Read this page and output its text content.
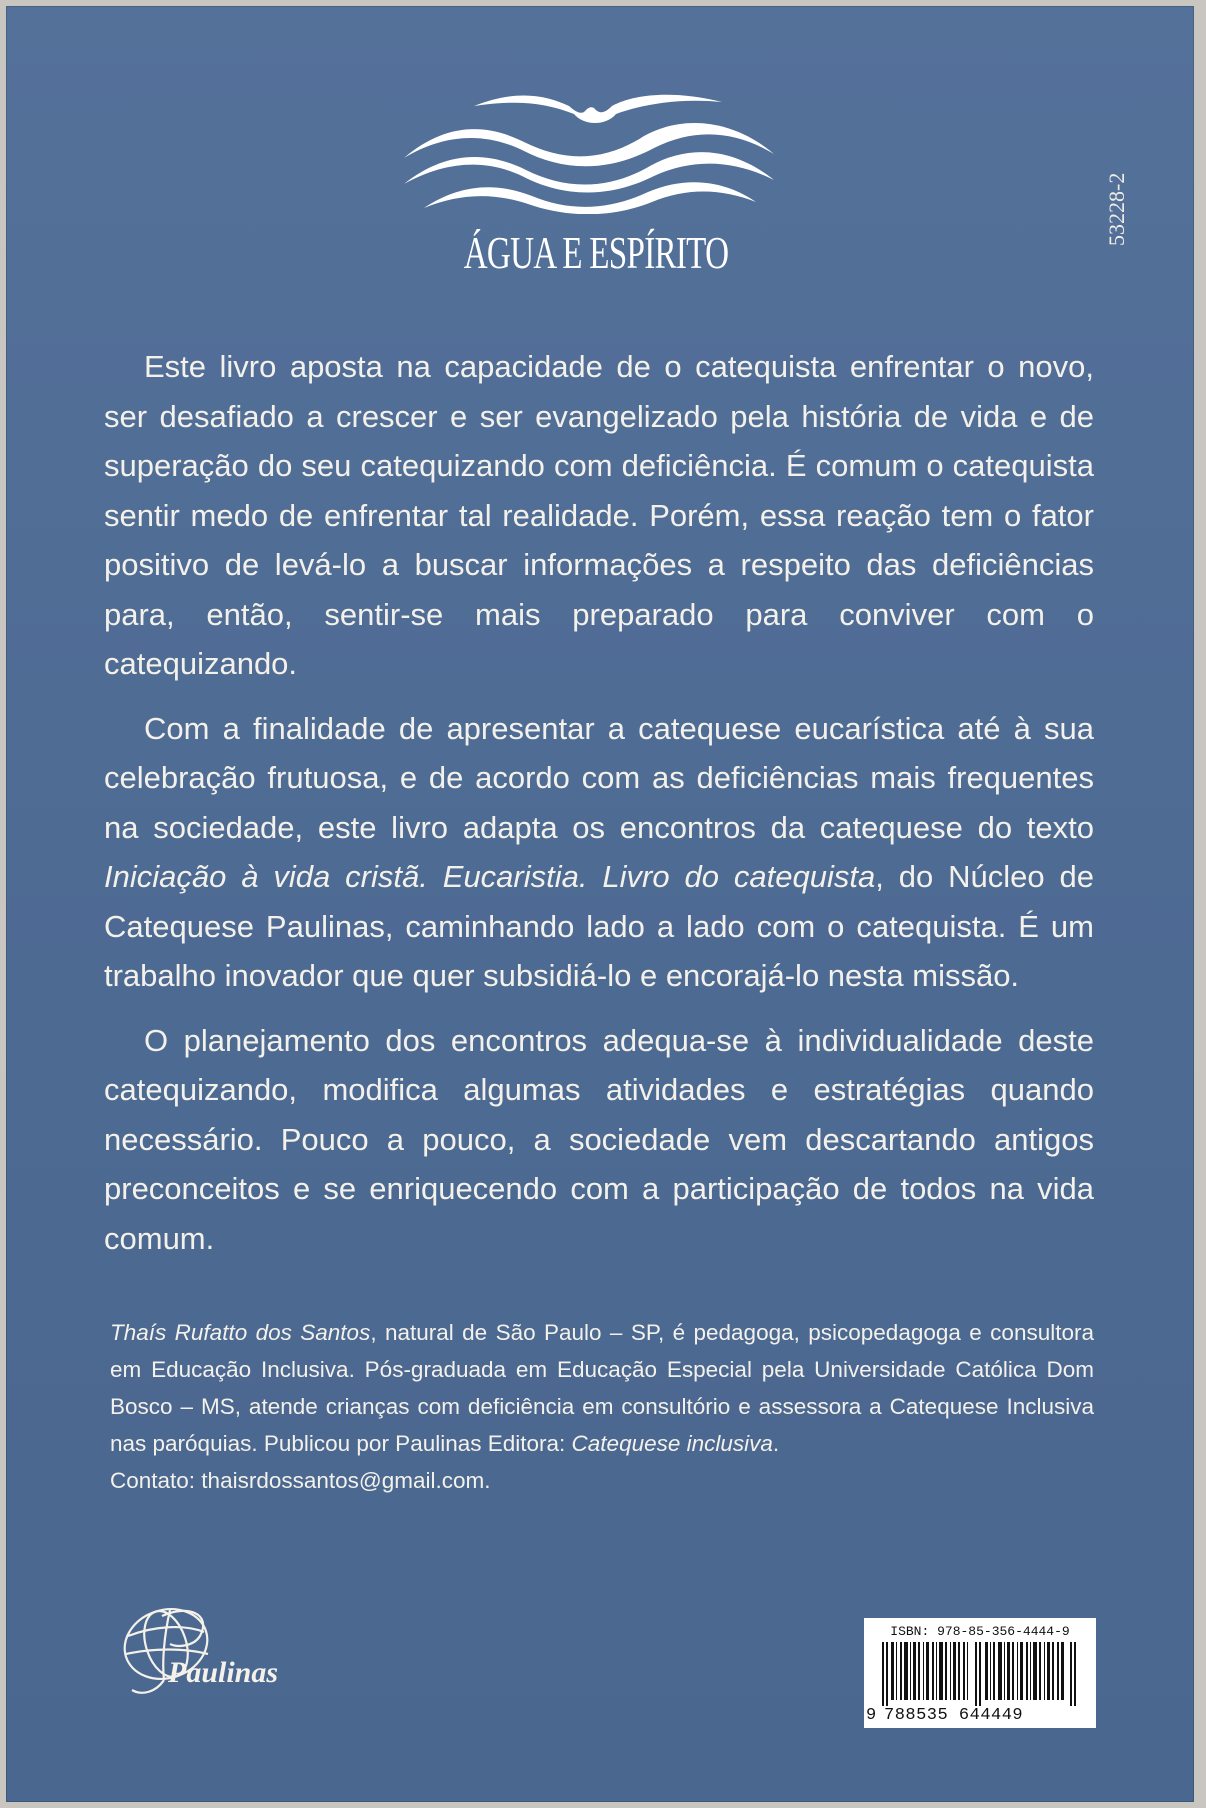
ÁGUA E ESPÍRITO
53228-2

Este livro aposta na capacidade de o catequista enfrentar o novo, ser desafiado a crescer e ser evangelizado pela história de vida e de superação do seu catequizando com deficiência. É comum o catequista sentir medo de enfrentar tal realidade. Porém, essa reação tem o fator positivo de levá-lo a buscar informações a respeito das deficiências para, então, sentir-se mais preparado para conviver com o catequizando.

Com a finalidade de apresentar a catequese eucarística até à sua celebração frutuosa, e de acordo com as deficiências mais frequentes na sociedade, este livro adapta os encontros da catequese do texto Iniciação à vida cristã. Eucaristia. Livro do catequista, do Núcleo de Catequese Paulinas, caminhando lado a lado com o catequista. É um trabalho inovador que quer subsidiá-lo e encorajá-lo nesta missão.

O planejamento dos encontros adequa-se à individualidade deste catequizando, modifica algumas atividades e estratégias quando necessário. Pouco a pouco, a sociedade vem descartando antigos preconceitos e se enriquecendo com a participação de todos na vida comum.

Thaís Rufatto dos Santos, natural de São Paulo – SP, é pedagoga, psicopedagoga e consultora em Educação Inclusiva. Pós-graduada em Educação Especial pela Universidade Católica Dom Bosco – MS, atende crianças com deficiência em consultório e assessora a Catequese Inclusiva nas paróquias. Publicou por Paulinas Editora: Catequese inclusiva.

Contato: thaisrdossantos@gmail.com.

Paulinas
ISBN: 978-85-356-4444-9
9 788535 644449
